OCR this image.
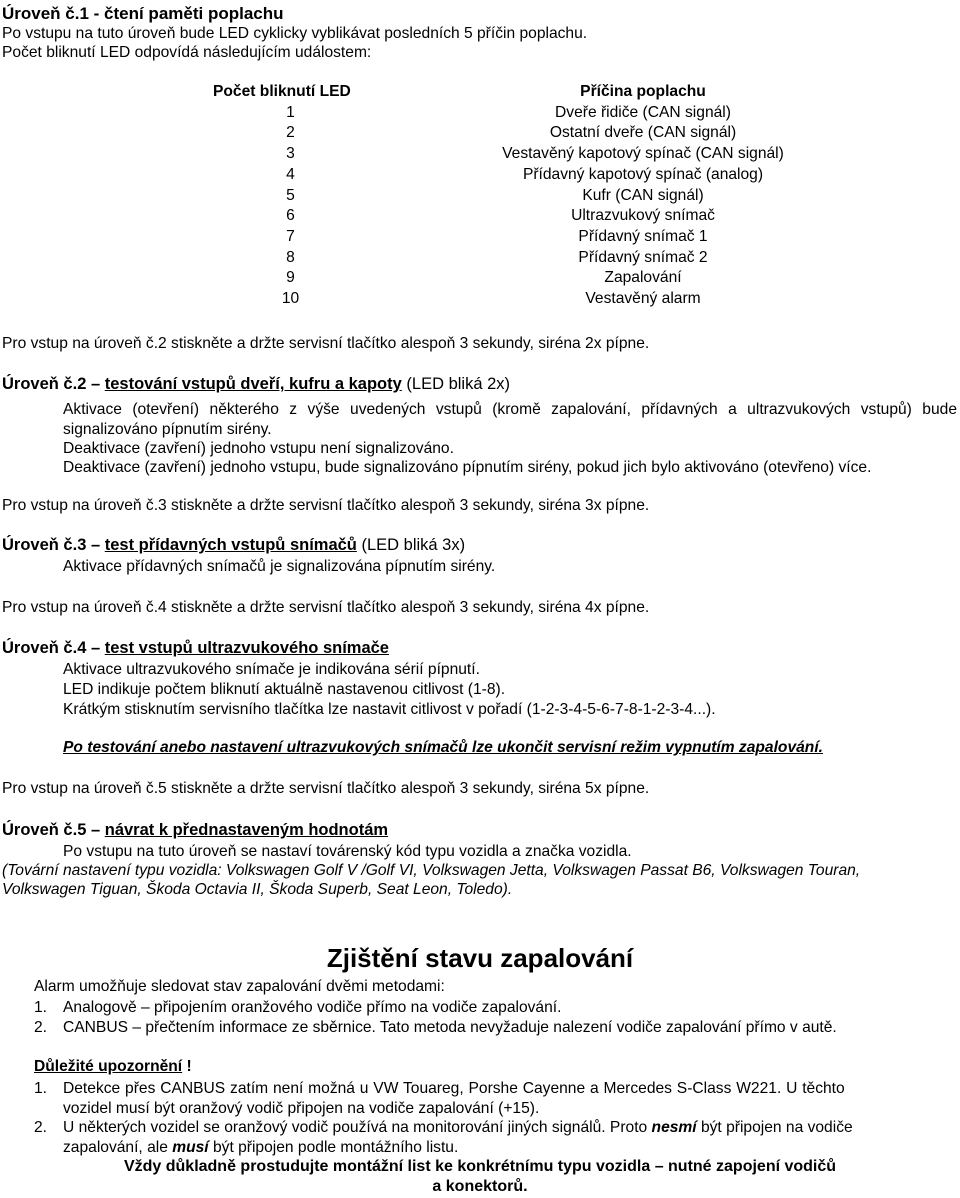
Úroveň č.1 - čtení paměti poplachu
Po vstupu na tuto úroveň bude LED cyklicky vyblikávat posledních 5 příčin poplachu.
Počet bliknutí LED odpovídá následujícím událostem:
Počet bliknutí LED	Příčina poplachu
1	Dveře řidiče (CAN signál)
2	Ostatní dveře (CAN signál)
3	Vestavěný kapotový spínač (CAN signál)
4	Přídavný kapotový spínač (analog)
5	Kufr (CAN signál)
6	Ultrazvukový snímač
7	Přídavný snímač 1
8	Přídavný snímač 2
9	Zapalování
10	Vestavěný alarm
Pro vstup na úroveň č.2 stiskněte a držte servisní tlačítko alespoň 3 sekundy, siréna 2x pípne.
Úroveň č.2 – testování vstupů dveří, kufru a kapoty (LED bliká 2x)
Aktivace (otevření) některého z výše uvedených vstupů (kromě zapalování, přídavných a ultrazvukových vstupů) bude signalizováno pípnutím sirény.
Deaktivace (zavření) jednoho vstupu není signalizováno.
Deaktivace (zavření) jednoho vstupu, bude signalizováno pípnutím sirény, pokud jich bylo aktivováno (otevřeno) více.
Pro vstup na úroveň č.3 stiskněte a držte servisní tlačítko alespoň 3 sekundy, siréna 3x pípne.
Úroveň č.3 – test přídavných vstupů snímačů (LED bliká 3x)
Aktivace přídavných snímačů je signalizována pípnutím sirény.
Pro vstup na úroveň č.4 stiskněte a držte servisní tlačítko alespoň 3 sekundy, siréna 4x pípne.
Úroveň č.4 – test vstupů ultrazvukového snímače
Aktivace ultrazvukového snímače je indikována sérií pípnutí.
LED indikuje počtem bliknutí aktuálně nastavenou citlivost (1-8).
Krátkým stisknutím servisního tlačítka lze nastavit citlivost v pořadí (1-2-3-4-5-6-7-8-1-2-3-4...).
Po testování anebo nastavení ultrazvukových snímačů lze ukončit servisní režim vypnutím zapalování.
Pro vstup na úroveň č.5 stiskněte a držte servisní tlačítko alespoň 3 sekundy, siréna 5x pípne.
Úroveň č.5 – návrat k přednastaveným hodnotám
Po vstupu na tuto úroveň se nastaví továrenský kód typu vozidla a značka vozidla.
(Tovární nastavení typu vozidla: Volkswagen Golf V /Golf VI, Volkswagen Jetta, Volkswagen Passat B6, Volkswagen Touran,
Volkswagen Tiguan, Škoda Octavia II, Škoda Superb, Seat Leon, Toledo).
Zjištění stavu zapalování
Alarm umožňuje sledovat stav zapalování dvěmi metodami:
1. Analogově – připojením oranžového vodiče přímo na vodiče zapalování.
2. CANBUS – přečtením informace ze sběrnice. Tato metoda nevyžaduje nalezení vodiče zapalování přímo v autě.
Důležité upozornění !
1. Detekce přes CANBUS zatím není možná u VW Touareg, Porshe Cayenne a Mercedes S-Class W221. U těchto
vozidel musí být oranžový vodič připojen na vodiče zapalování (+15).
2. U některých vozidel se oranžový vodič používá na monitorování jiných signálů. Proto nesmí být připojen na vodiče
zapalování, ale musí být připojen podle montážního listu.
Vždy důkladně prostudujte montážní list ke konkrétnímu typu vozidla – nutné zapojení vodičů
a konektorů.
